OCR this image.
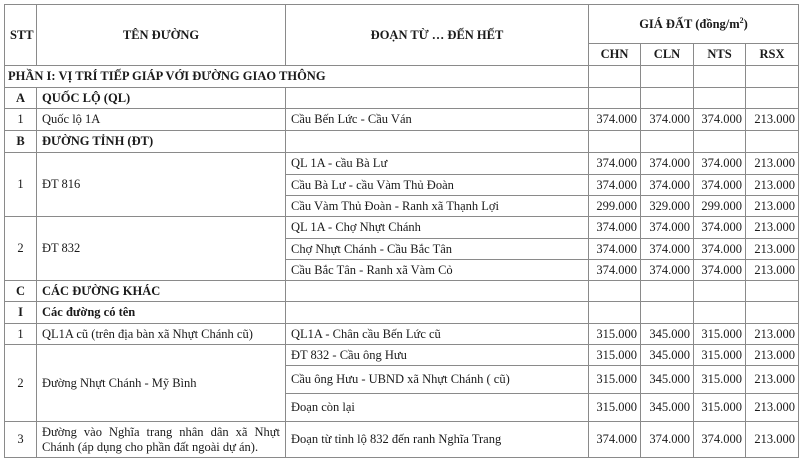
STT	TÊN ĐƯỜNG	ĐOẠN TỪ … ĐẾN HẾT	GIÁ ĐẤT $(đồng/m^2)$			
			CHN	CLN	NTS	RSX
PHẦN I: VỊ TRÍ TIẾP GIÁP VỚI ĐƯỜNG GIAO THÔNG						
A	QUỐC LỘ (QL)					
1	Quốc lộ 1A	Cầu Bến Lức - Cầu Ván	374.000	374.000	374.000	213.000
B	ĐƯỜNG TỈNH (ĐT)					
1	ĐT 816	QL 1A - cầu Bà Lư	374.000	374.000	374.000	213.000
		Cầu Bà Lư - cầu Vàm Thủ Đoàn	374.000	374.000	374.000	213.000
		Cầu Vàm Thủ Đoàn - Ranh xã Thạnh Lợi	299.000	329.000	299.000	213.000
2	ĐT 832	QL 1A - Chợ Nhựt Chánh	374.000	374.000	374.000	213.000
		Chợ Nhựt Chánh - Cầu Bắc Tân	374.000	374.000	374.000	213.000
		Cầu Bắc Tân - Ranh xã Vàm Cỏ	374.000	374.000	374.000	213.000
C	CÁC ĐƯỜNG KHÁC					
I	Các đường có tên					
1	QL1A cũ (trên địa bàn xã Nhựt Chánh cũ)	QL1A - Chân cầu Bến Lức cũ	315.000	345.000	315.000	213.000
2	Đường Nhựt Chánh - Mỹ Bình	ĐT 832 - Cầu ông Hưu	315.000	345.000	315.000	213.000
		Cầu ông Hưu - UBND xã Nhựt Chánh ( cũ)	315.000	345.000	315.000	213.000
		Đoạn còn lại	315.000	345.000	315.000	213.000
3	Đường vào Nghĩa trang nhân dân xã Nhựt Chánh (áp dụng cho phần đất ngoài dự án).	Đoạn từ tỉnh lộ 832 đến ranh Nghĩa Trang	374.000	374.000	374.000	213.000
